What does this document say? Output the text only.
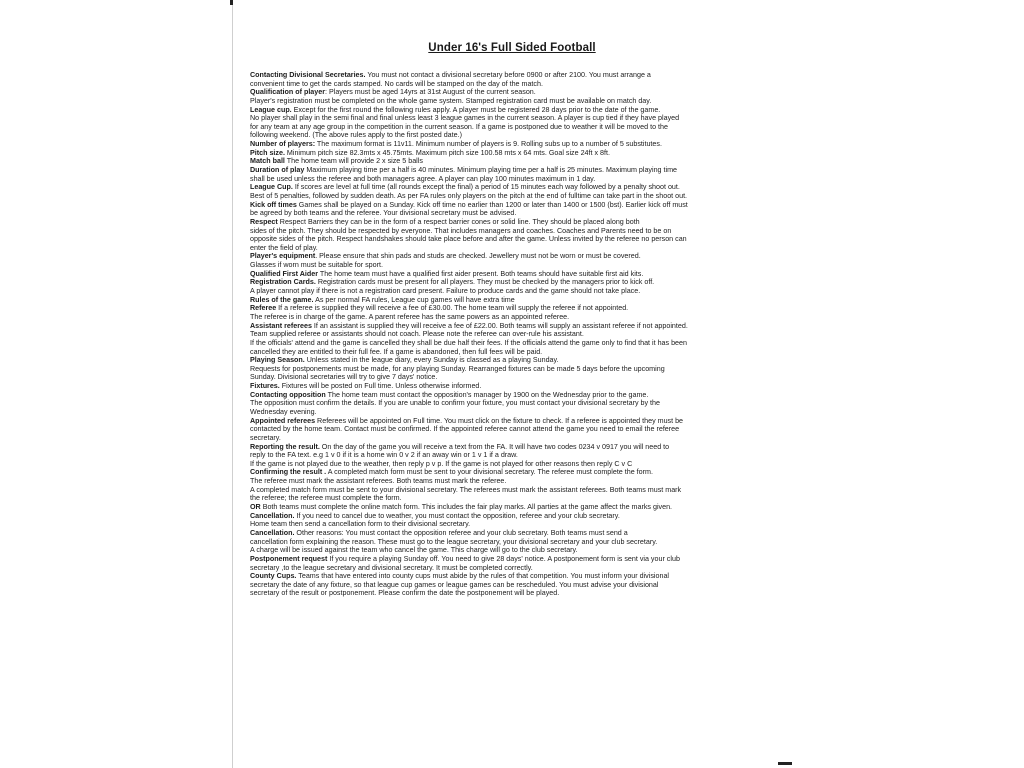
Under 16's Full Sided Football
Contacting Divisional Secretaries. You must not contact a divisional secretary before 0900 or after 2100. You must arrange a
convenient time to get the cards stamped. No cards will be stamped on the day of the match.
Qualification of player: Players must be aged 14yrs at 31st August of the current season.
Player's registration must be completed on the whole game system. Stamped registration card must be available on match day.
League cup. Except for the first round the following rules apply. A player must be registered 28 days prior to the date of the game.
No player shall play in the semi final and final unless least 3 league games in the current season. A player is cup tied if they have played
for any team at any age group in the competition in the current season. If a game is postponed due to weather it will be moved to the
following weekend. (The above rules apply to the first posted date.)
Number of players: The maximum format is 11v11. Minimum number of players is 9. Rolling subs up to a number of 5 substitutes.
Pitch size. Minimum pitch size 82.3mts x 45.75mts. Maximum pitch size 100.58 mts x 64 mts. Goal size 24ft x 8ft.
Match ball The home team will provide 2 x size 5 balls
Duration of play Maximum playing time per a half is 40 minutes. Minimum playing time per a half is 25 minutes. Maximum playing time
shall be used unless the referee and both managers agree. A player can play 100 minutes maximum in 1 day.
League Cup. If scores are level at full time (all rounds except the final) a period of 15 minutes each way followed by a penalty shoot out.
Best of 5 penalties, followed by sudden death. As per FA rules only players on the pitch at the end of fulltime can take part in the shoot out.
Kick off times Games shall be played on a Sunday. Kick off time no earlier than 1200 or later than 1400 or 1500 (bst). Earlier kick off must
be agreed by both teams and the referee. Your divisional secretary must be advised.
Respect Respect Barriers they can be in the form of a respect barrier cones or solid line. They should be placed along both
sides of the pitch. They should be respected by everyone. That includes managers and coaches. Coaches and Parents need to be on
opposite sides of the pitch. Respect handshakes should take place before and after the game. Unless invited by the referee no person can
enter the field of play.
Player's equipment. Please ensure that shin pads and studs are checked. Jewellery must not be worn or must be covered.
Glasses if worn must be suitable for sport.
Qualified First Aider The home team must have a qualified first aider present. Both teams should have suitable first aid kits.
Registration Cards. Registration cards must be present for all players. They must be checked by the managers prior to kick off.
A player cannot play if there is not a registration card present. Failure to produce cards and the game should not take place.
Rules of the game. As per normal FA rules, League cup games will have extra time
Referee If a referee is supplied they will receive a fee of £30.00. The home team will supply the referee if not appointed.
The referee is in charge of the game. A parent referee has the same powers as an appointed referee.
Assistant referees If an assistant is supplied they will receive a fee of £22.00. Both teams will supply an assistant referee if not appointed.
Team supplied referee or assistants should not coach. Please note the referee can over-rule his assistant.
If the officials' attend and the game is cancelled they shall be due half their fees. If the officials attend the game only to find that it has been
cancelled they are entitled to their full fee. If a game is abandoned, then full fees will be paid.
Playing Season. Unless stated in the league diary, every Sunday is classed as a playing Sunday.
Requests for postponements must be made, for any playing Sunday. Rearranged fixtures can be made 5 days before the upcoming
Sunday. Divisional secretaries will try to give 7 days' notice.
Fixtures. Fixtures will be posted on Full time. Unless otherwise informed.
Contacting opposition The home team must contact the opposition's manager by 1900 on the Wednesday prior to the game.
The opposition must confirm the details. If you are unable to confirm your fixture, you must contact your divisional secretary by the
Wednesday evening.
Appointed referees Referees will be appointed on Full time. You must click on the fixture to check. If a referee is appointed they must be
contacted by the home team. Contact must be confirmed. If the appointed referee cannot attend the game you need to email the referee
secretary.
Reporting the result. On the day of the game you will receive a text from the FA. It will have two codes 0234 v 0917 you will need to
reply to the FA text. e.g 1 v 0 if it is a home win 0 v 2 if an away win or 1 v 1 if a draw.
If the game is not played due to the weather, then reply p v p. If the game is not played for other reasons then reply C v C
Confirming the result . A completed match form must be sent to your divisional secretary. The referee must complete the form.
The referee must mark the assistant referees. Both teams must mark the referee.
A completed match form must be sent to your divisional secretary. The referees must mark the assistant referees. Both teams must mark
the referee; the referee must complete the form.
OR Both teams must complete the online match form. This includes the fair play marks. All parties at the game affect the marks given.
Cancellation. If you need to cancel due to weather, you must contact the opposition, referee and your club secretary.
Home team then send a cancellation form to their divisional secretary.
Cancellation. Other reasons: You must contact the opposition referee and your club secretary. Both teams must send a
cancellation form explaining the reason. These must go to the league secretary, your divisional secretary and your club secretary.
A charge will be issued against the team who cancel the game. This charge will go to the club secretary.
Postponement request If you require a playing Sunday off. You need to give 28 days' notice. A postponement form is sent via your club
secretary ,to the league secretary and divisional secretary. It must be completed correctly.
County Cups. Teams that have entered into county cups must abide by the rules of that competition. You must inform your divisional
secretary the date of any fixture, so that league cup games or league games can be rescheduled. You must advise your divisional
secretary of the result or postponement. Please confirm the date the postponement will be played.
